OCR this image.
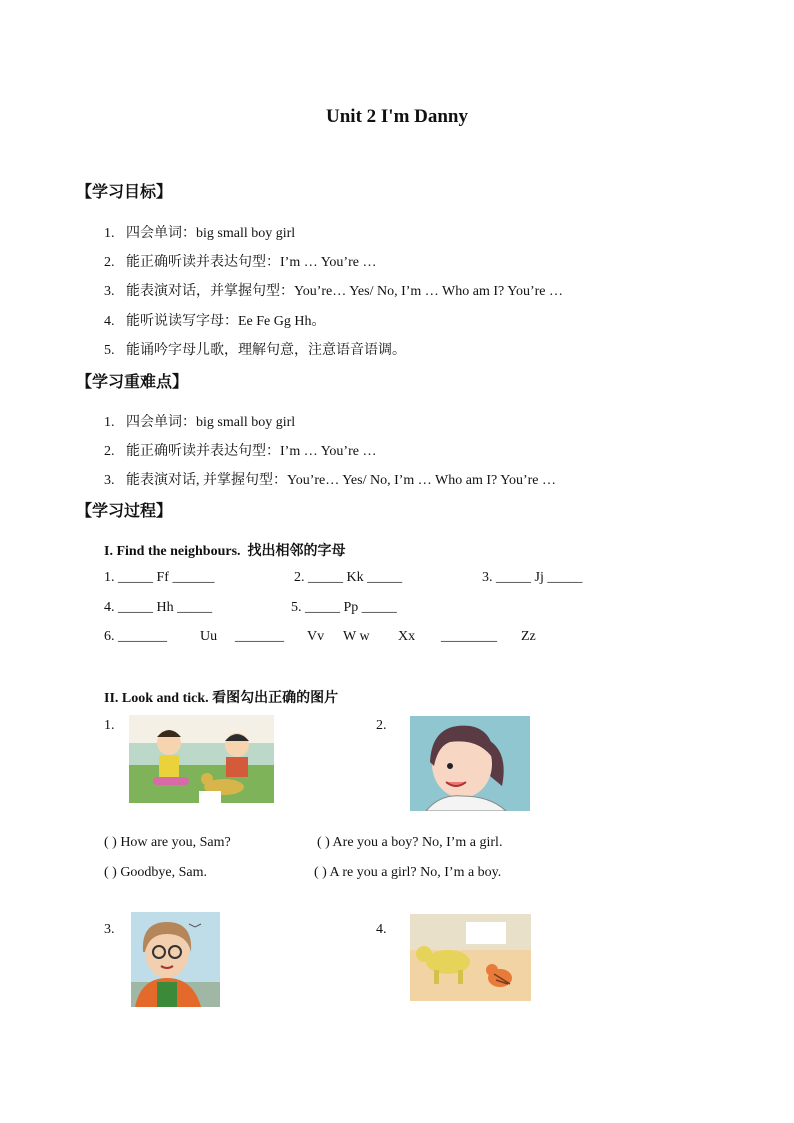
Unit 2 I'm Danny
【学习目标】
1. 四会单词：big small boy girl
2. 能正确听读并表达句型：I’m … You’re …
3. 能表演对话，并掌握句型：You’re… Yes/ No, I’m … Who am I? You’re …
4. 能听说读写字母：Ee Fe Gg Hh。
5. 能诵吟字母儿歌，理解句意，注意语音语调。
【学习重难点】
1. 四会单词：big small boy girl
2. 能正确听读并表达句型：I’m … You’re …
3. 能表演对话, 并掌握句型：You’re… Yes/ No, I’m … Who am I? You’re …
【学习过程】
I. Find the neighbours. 找出相邻的字母
1. _____ Ff ______	2. _____ Kk _____	3. _____ Jj _____
4. _____ Hh _____	5. _____ Pp _____
6. _______ Uu _______ Vv W w Xx ________ Zz
II. Look and tick. 看图勾出正确的图片
1.	2.
3.	4.
( ) How are you, Sam?	( ) Are you a boy? No, I’m a girl.
( ) Goodbye, Sam.	( ) A re you a girl? No, I’m a boy.
